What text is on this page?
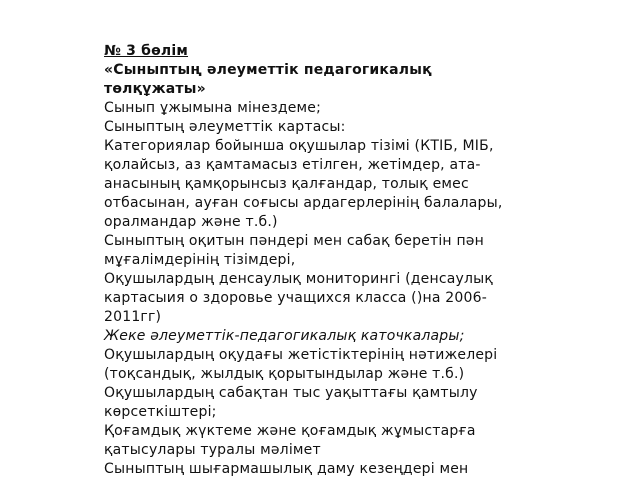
№ 3 бөлім
«Сыныптың әлеуметтік педагогикалық
төлқұжаты»
Сынып ұжымына мінездеме;
Сыныптың әлеуметтік картасы:
Категориялар бойынша оқушылар тізімі (КТІБ, МІБ,
қолайсыз, аз қамтамасыз етілген, жетімдер, ата-
анасының қамқорынсыз қалғандар, толық емес
отбасынан, ауған соғысы ардагерлерінің балалары,
оралмандар және т.б.)
Сыныптың оқитын пәндері мен сабақ беретін пән
мұғалімдерінің тізімдері,
Оқушылардың денсаулық мониторингі (денсаулық
картасыия о здоровье учащихся класса ()на 2006-
2011гг)
Жеке әлеуметтік-педагогикалық каточкалары;
Оқушылардың оқудағы жетістіктерінің нәтижелері
(тоқсандық, жылдық қорытындылар және т.б.)
Оқушылардың сабақтан тыс уақыттағы қамтылу
көрсеткіштері;
Қоғамдық жүктеме және қоғамдық жұмыстарға
қатысулары туралы мәлімет
Сыныптың шығармашылық даму кезеңдері мен
